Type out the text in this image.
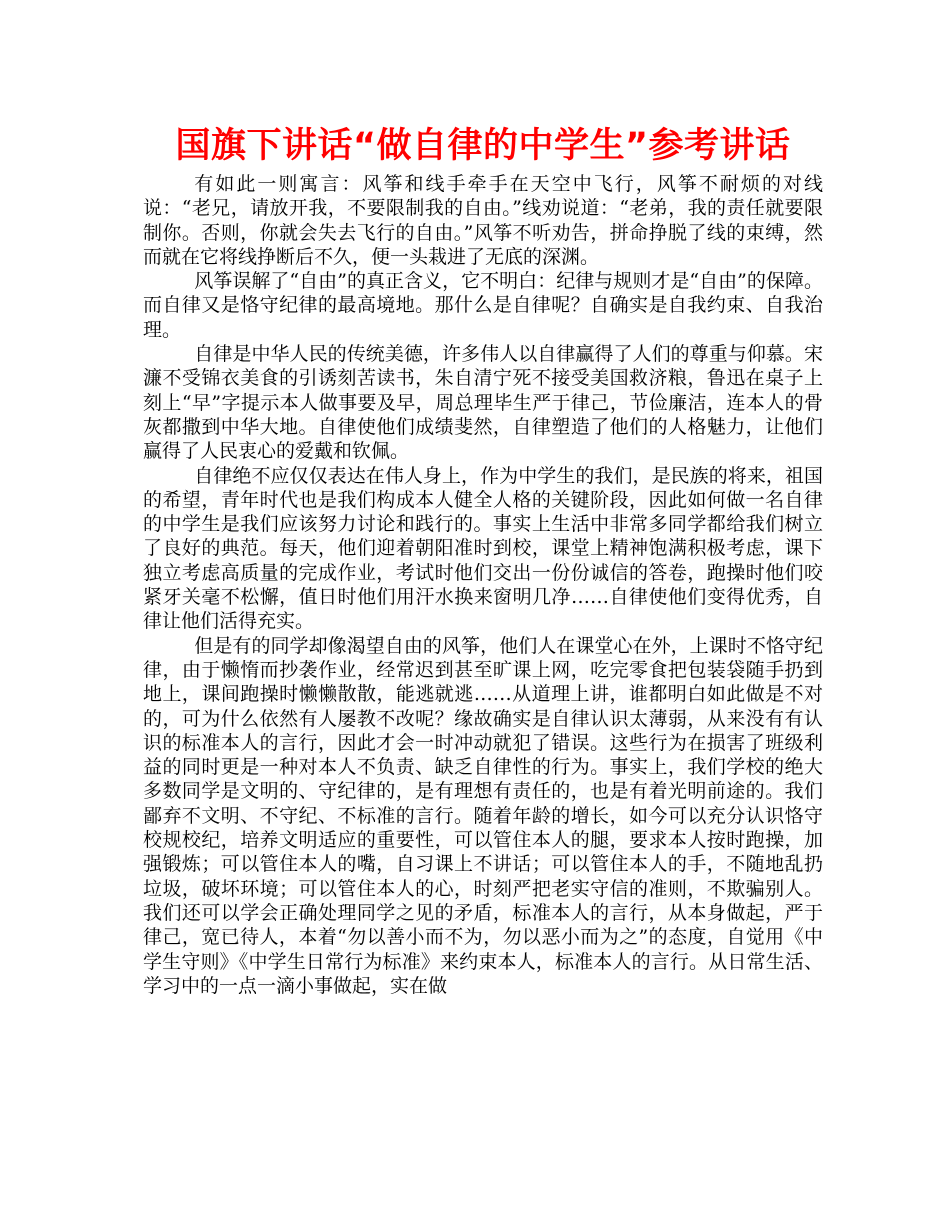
国旗下讲话“做自律的中学生”参考讲话

有如此一则寓言：风筝和线手牵手在天空中飞行，风筝不耐烦的对线说：“老兄，请放开我，不要限制我的自由。”线劝说道：“老弟，我的责任就要限制你。否则，你就会失去飞行的自由。”风筝不听劝告，拼命挣脱了线的束缚，然而就在它将线挣断后不久，便一头栽进了无底的深渊。

风筝误解了“自由”的真正含义，它不明白：纪律与规则才是“自由”的保障。而自律又是恪守纪律的最高境地。那什么是自律呢？自确实是自我约束、自我治理。

自律是中华人民的传统美德，许多伟人以自律赢得了人们的尊重与仰慕。宋濂不受锦衣美食的引诱刻苦读书，朱自清宁死不接受美国救济粮，鲁迅在桌子上刻上“早”字提示本人做事要及早，周总理毕生严于律己，节俭廉洁，连本人的骨灰都撒到中华大地。自律使他们成绩斐然，自律塑造了他们的人格魅力，让他们赢得了人民衷心的爱戴和钦佩。

自律绝不应仅仅表达在伟人身上，作为中学生的我们，是民族的将来，祖国的希望，青年时代也是我们构成本人健全人格的关键阶段，因此如何做一名自律的中学生是我们应该努力讨论和践行的。事实上生活中非常多同学都给我们树立了良好的典范。每天，他们迎着朝阳准时到校，课堂上精神饱满积极考虑，课下独立考虑高质量的完成作业，考试时他们交出一份份诚信的答卷，跑操时他们咬紧牙关毫不松懈，值日时他们用汗水换来窗明几净……自律使他们变得优秀，自律让他们活得充实。

但是有的同学却像渴望自由的风筝，他们人在课堂心在外，上课时不恪守纪律，由于懒惰而抄袭作业，经常迟到甚至旷课上网，吃完零食把包装袋随手扔到地上，课间跑操时懒懒散散，能逃就逃……从道理上讲，谁都明白如此做是不对的，可为什么依然有人屡教不改呢？缘故确实是自律认识太薄弱，从来没有有认识的标准本人的言行，因此才会一时冲动就犯了错误。这些行为在损害了班级利益的同时更是一种对本人不负责、缺乏自律性的行为。事实上，我们学校的绝大多数同学是文明的、守纪律的，是有理想有责任的，也是有着光明前途的。我们鄙弃不文明、不守纪、不标准的言行。随着年龄的增长，如今可以充分认识恪守校规校纪，培养文明适应的重要性，可以管住本人的腿，要求本人按时跑操，加强锻炼；可以管住本人的嘴，自习课上不讲话；可以管住本人的手，不随地乱扔垃圾，破坏环境；可以管住本人的心，时刻严把老实守信的准则，不欺骗别人。我们还可以学会正确处理同学之见的矛盾，标准本人的言行，从本身做起，严于律己，宽已待人，本着“勿以善小而不为，勿以恶小而为之”的态度，自觉用《中学生守则》《中学生日常行为标准》来约束本人，标准本人的言行。从日常生活、学习中的一点一滴小事做起，实在做
